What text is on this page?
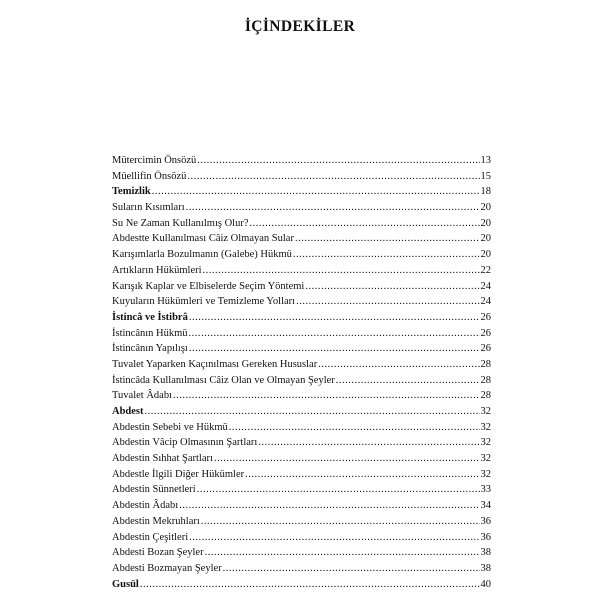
İÇİNDEKİLER
Mütercimin Önsözü .....	13
Müellifin Önsözü .....	15
Temizlik .....	18
Suların Kısımları .....	20
Su Ne Zaman Kullanılmış Olur? .....	20
Abdestte Kullanılması Câiz Olmayan Sular .....	20
Karışımlarla Bozulmanın (Galebe) Hükmü .....	20
Artıkların Hükümleri .....	22
Karışık Kaplar ve Elbiselerde Seçim Yöntemi .....	24
Kuyuların Hükümleri ve Temizleme Yolları .....	24
İstincâ ve İstibrâ .....	26
İstincânın Hükmü .....	26
İstincânın Yapılışı .....	26
Tuvalet Yaparken Kaçınılması Gereken Hususlar .....	28
İstincâda Kullanılması Câiz Olan ve Olmayan Şeyler .....	28
Tuvalet Âdabı .....	28
Abdest .....	32
Abdestin Sebebi ve Hükmü .....	32
Abdestin Vâcip Olmasının Şartları .....	32
Abdestin Sıhhat Şartları .....	32
Abdestle İlgili Diğer Hükümler .....	32
Abdestin Sünnetleri .....	33
Abdestin Âdabı .....	34
Abdestin Mekruhları .....	36
Abdestin Çeşitleri .....	36
Abdesti Bozan Şeyler .....	38
Abdesti Bozmayan Şeyler .....	38
Gusül .....	40
